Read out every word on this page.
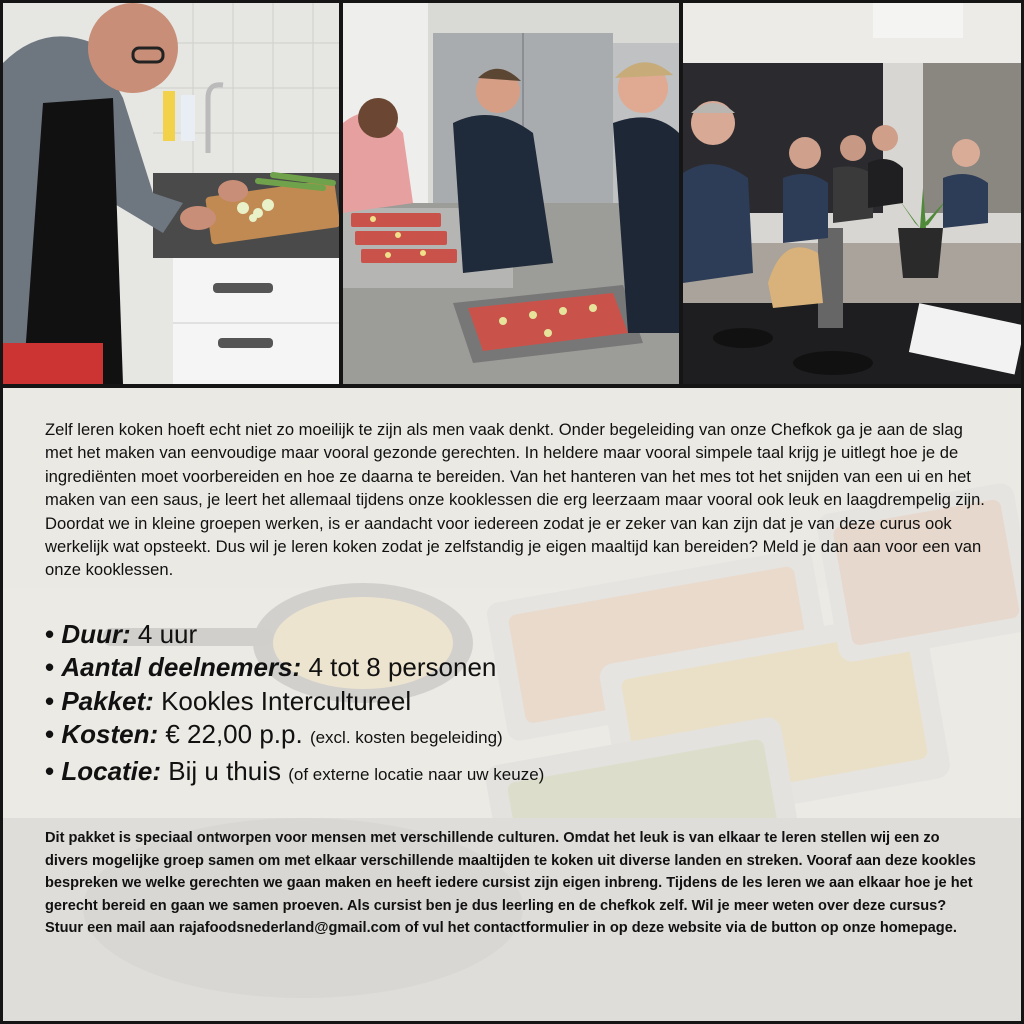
Zelf leren koken hoeft echt niet zo moeilijk te zijn als men vaak denkt. Onder begeleiding van onze Chefkok ga je aan de slag met het maken van eenvoudige maar vooral gezonde gerechten. In heldere maar vooral simpele taal krijg je uitlegt hoe je de ingrediënten moet voorbereiden en hoe ze daarna te bereiden. Van het hanteren van het mes tot het snijden van een ui en het maken van een saus, je leert het allemaal tijdens onze kooklessen die erg leerzaam maar vooral ook leuk en laagdrempelig zijn. Doordat we in kleine groepen werken, is er aandacht voor iedereen zodat je er zeker van kan zijn dat je van deze curus ook werkelijk wat opsteekt. Dus wil je leren koken zodat je zelfstandig je eigen maaltijd kan bereiden? Meld je dan aan voor een van onze kooklessen.

• Duur: 4 uur
• Aantal deelnemers: 4 tot 8 personen
• Pakket: Kookles Intercultureel
• Kosten: € 22,00 p.p. (excl. kosten begeleiding)
• Locatie: Bij u thuis (of externe locatie naar uw keuze)

Dit pakket is speciaal ontworpen voor mensen met verschillende culturen. Omdat het leuk is van elkaar te leren stellen wij een zo divers mogelijke groep samen om met elkaar verschillende maaltijden te koken uit diverse landen en streken. Vooraf aan deze kookles bespreken we welke gerechten we gaan maken en heeft iedere cursist zijn eigen inbreng. Tijdens de les leren we aan elkaar hoe je het gerecht bereid en gaan we samen proeven. Als cursist ben je dus leerling en de chefkok zelf. Wil je meer weten over deze cursus? Stuur een mail aan rajafoodsnederland@gmail.com of vul het contactformulier in op deze website via de button op onze homepage.
